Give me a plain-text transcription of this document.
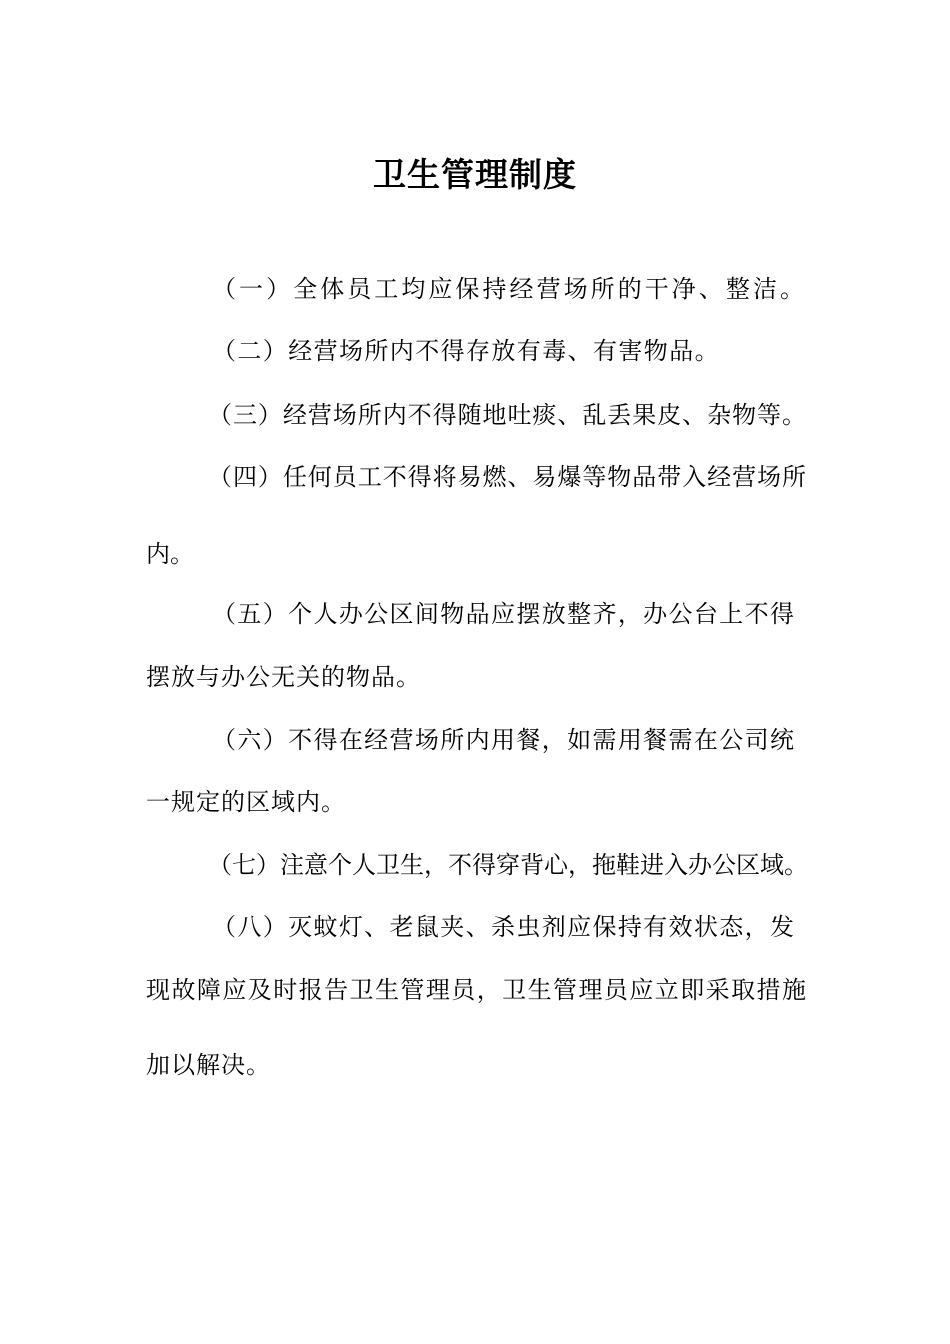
卫生管理制度
（一）全体员工均应保持经营场所的干净、整洁。
（二）经营场所内不得存放有毒、有害物品。
（三）经营场所内不得随地吐痰、乱丢果皮、杂物等。
（四）任何员工不得将易燃、易爆等物品带入经营场所
内。
（五）个人办公区间物品应摆放整齐，办公台上不得
摆放与办公无关的物品。
（六）不得在经营场所内用餐，如需用餐需在公司统
一规定的区域内。
（七）注意个人卫生，不得穿背心，拖鞋进入办公区域。
（八）灭蚊灯、老鼠夹、杀虫剂应保持有效状态，发
现故障应及时报告卫生管理员，卫生管理员应立即采取措施
加以解决。
